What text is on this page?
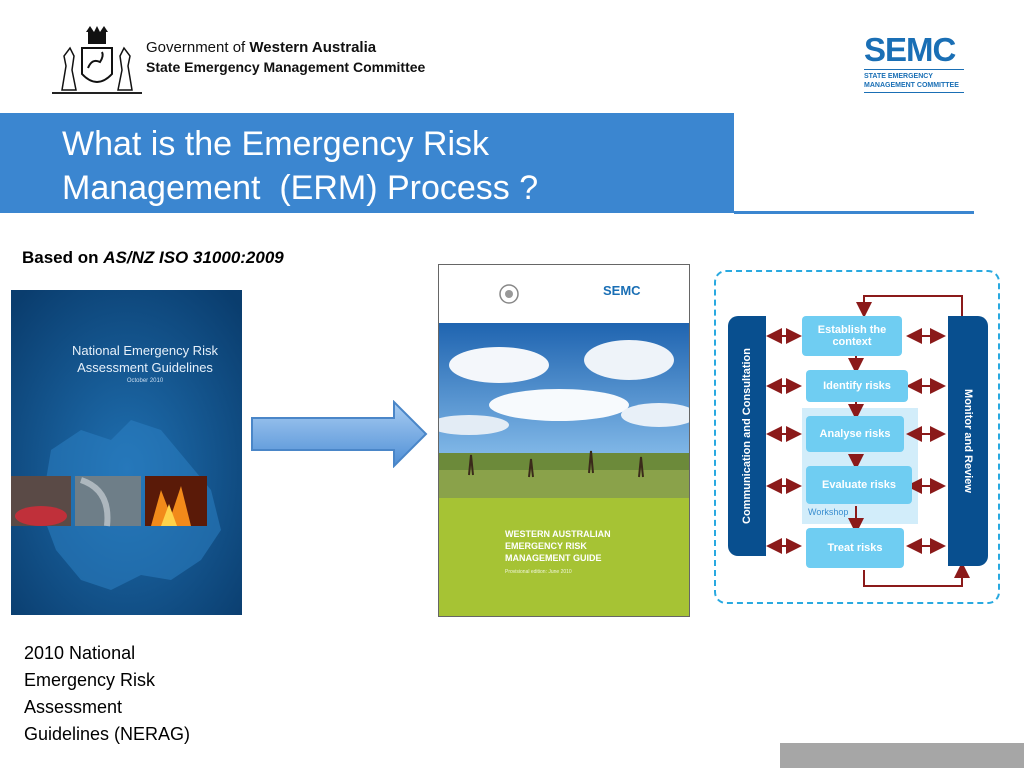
Government of Western Australia
State Emergency Management Committee	SEMC
STATE EMERGENCY
MANAGEMENT COMMITTEE
What is the Emergency Risk
Management  (ERM) Process ?
Based on AS/NZ ISO 31000:2009
National Emergency Risk
Assessment Guidelines
October 2010
2010 National
Emergency Risk
Assessment
Guidelines (NERAG)
SEMC
WESTERN AUSTRALIAN
EMERGENCY RISK
MANAGEMENT GUIDE
Provisional edition: June 2010
Communication and Consultation	Monitor and Review
Establish the
context
Identify risks
Analyse risks
Evaluate risks
Workshop
Treat risks
